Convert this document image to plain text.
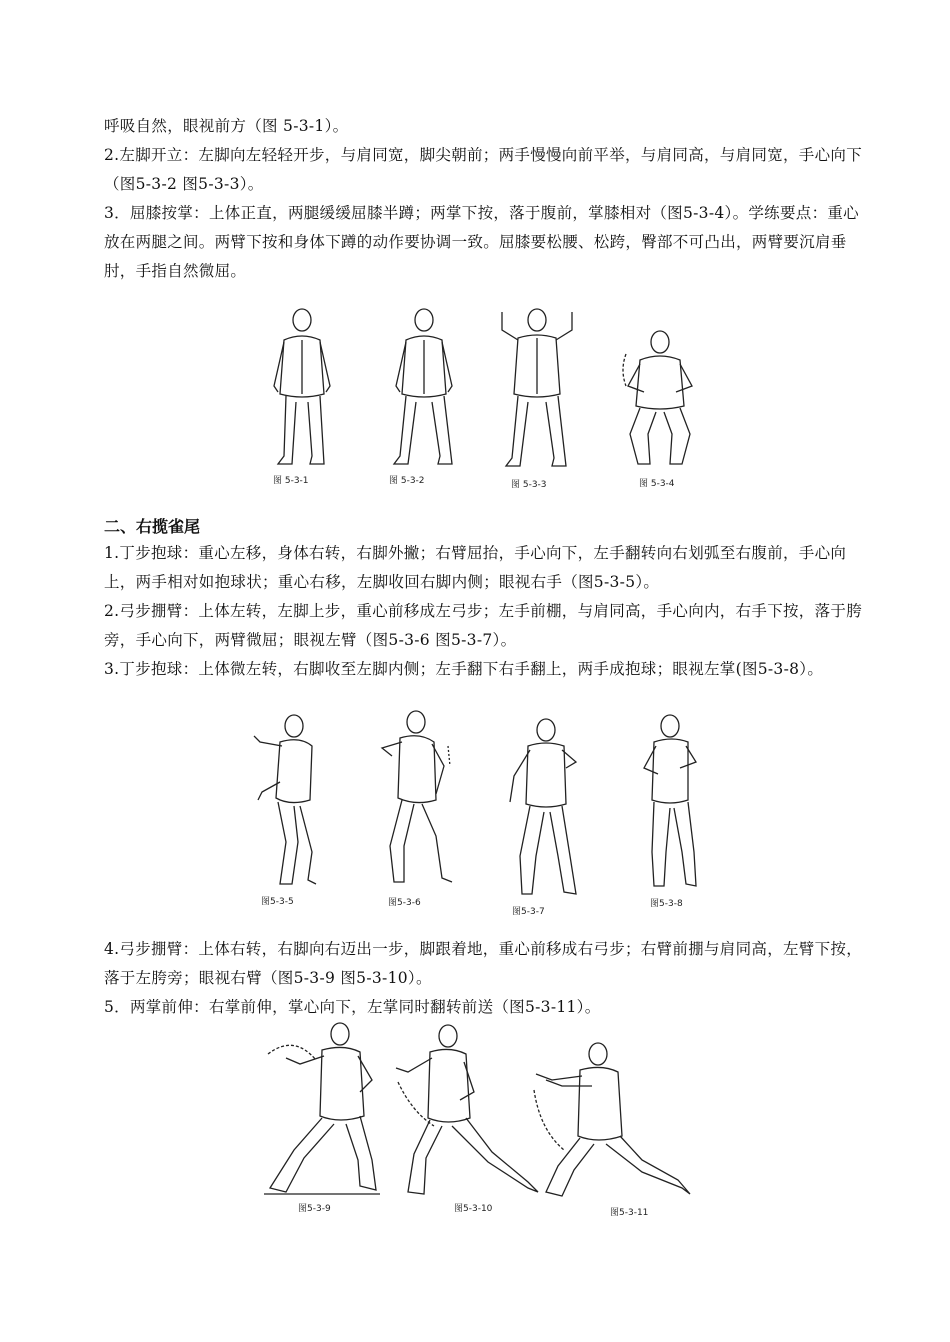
呼吸自然，眼视前方（图 5-3-1）。
2.左脚开立：左脚向左轻轻开步，与肩同宽，脚尖朝前；两手慢慢向前平举，与肩同高，与肩同宽，手心向下（图5-3-2 图5-3-3）。
3．屈膝按掌：上体正直，两腿缓缓屈膝半蹲；两掌下按，落于腹前，掌膝相对（图5-3-4）。学练要点：重心放在两腿之间。两臂下按和身体下蹲的动作要协调一致。屈膝要松腰、松跨，臀部不可凸出，两臂要沉肩垂肘，手指自然微屈。
图 5-3-1	图 5-3-2	图 5-3-3	图 5-3-4
二、右揽雀尾
1.丁步抱球：重心左移，身体右转，右脚外撇；右臂屈抬，手心向下，左手翻转向右划弧至右腹前，手心向上，两手相对如抱球状；重心右移，左脚收回右脚内侧；眼视右手（图5-3-5）。
2.弓步掤臂：上体左转，左脚上步，重心前移成左弓步；左手前棚，与肩同高，手心向内，右手下按，落于胯旁，手心向下，两臂微屈；眼视左臂（图5-3-6 图5-3-7）。
3.丁步抱球：上体微左转，右脚收至左脚内侧；左手翻下右手翻上，两手成抱球；眼视左掌(图5-3-8）。
图5-3-5	图5-3-6
图5-3-7
图5-3-8
4.弓步掤臂：上体右转，右脚向右迈出一步，脚跟着地，重心前移成右弓步；右臂前掤与肩同高，左臂下按，落于左胯旁；眼视右臂（图5-3-9 图5-3-10）。
5．两掌前伸：右掌前伸，掌心向下，左掌同时翻转前送（图5-3-11）。
图5-3-9	图5-3-10	图5-3-11
